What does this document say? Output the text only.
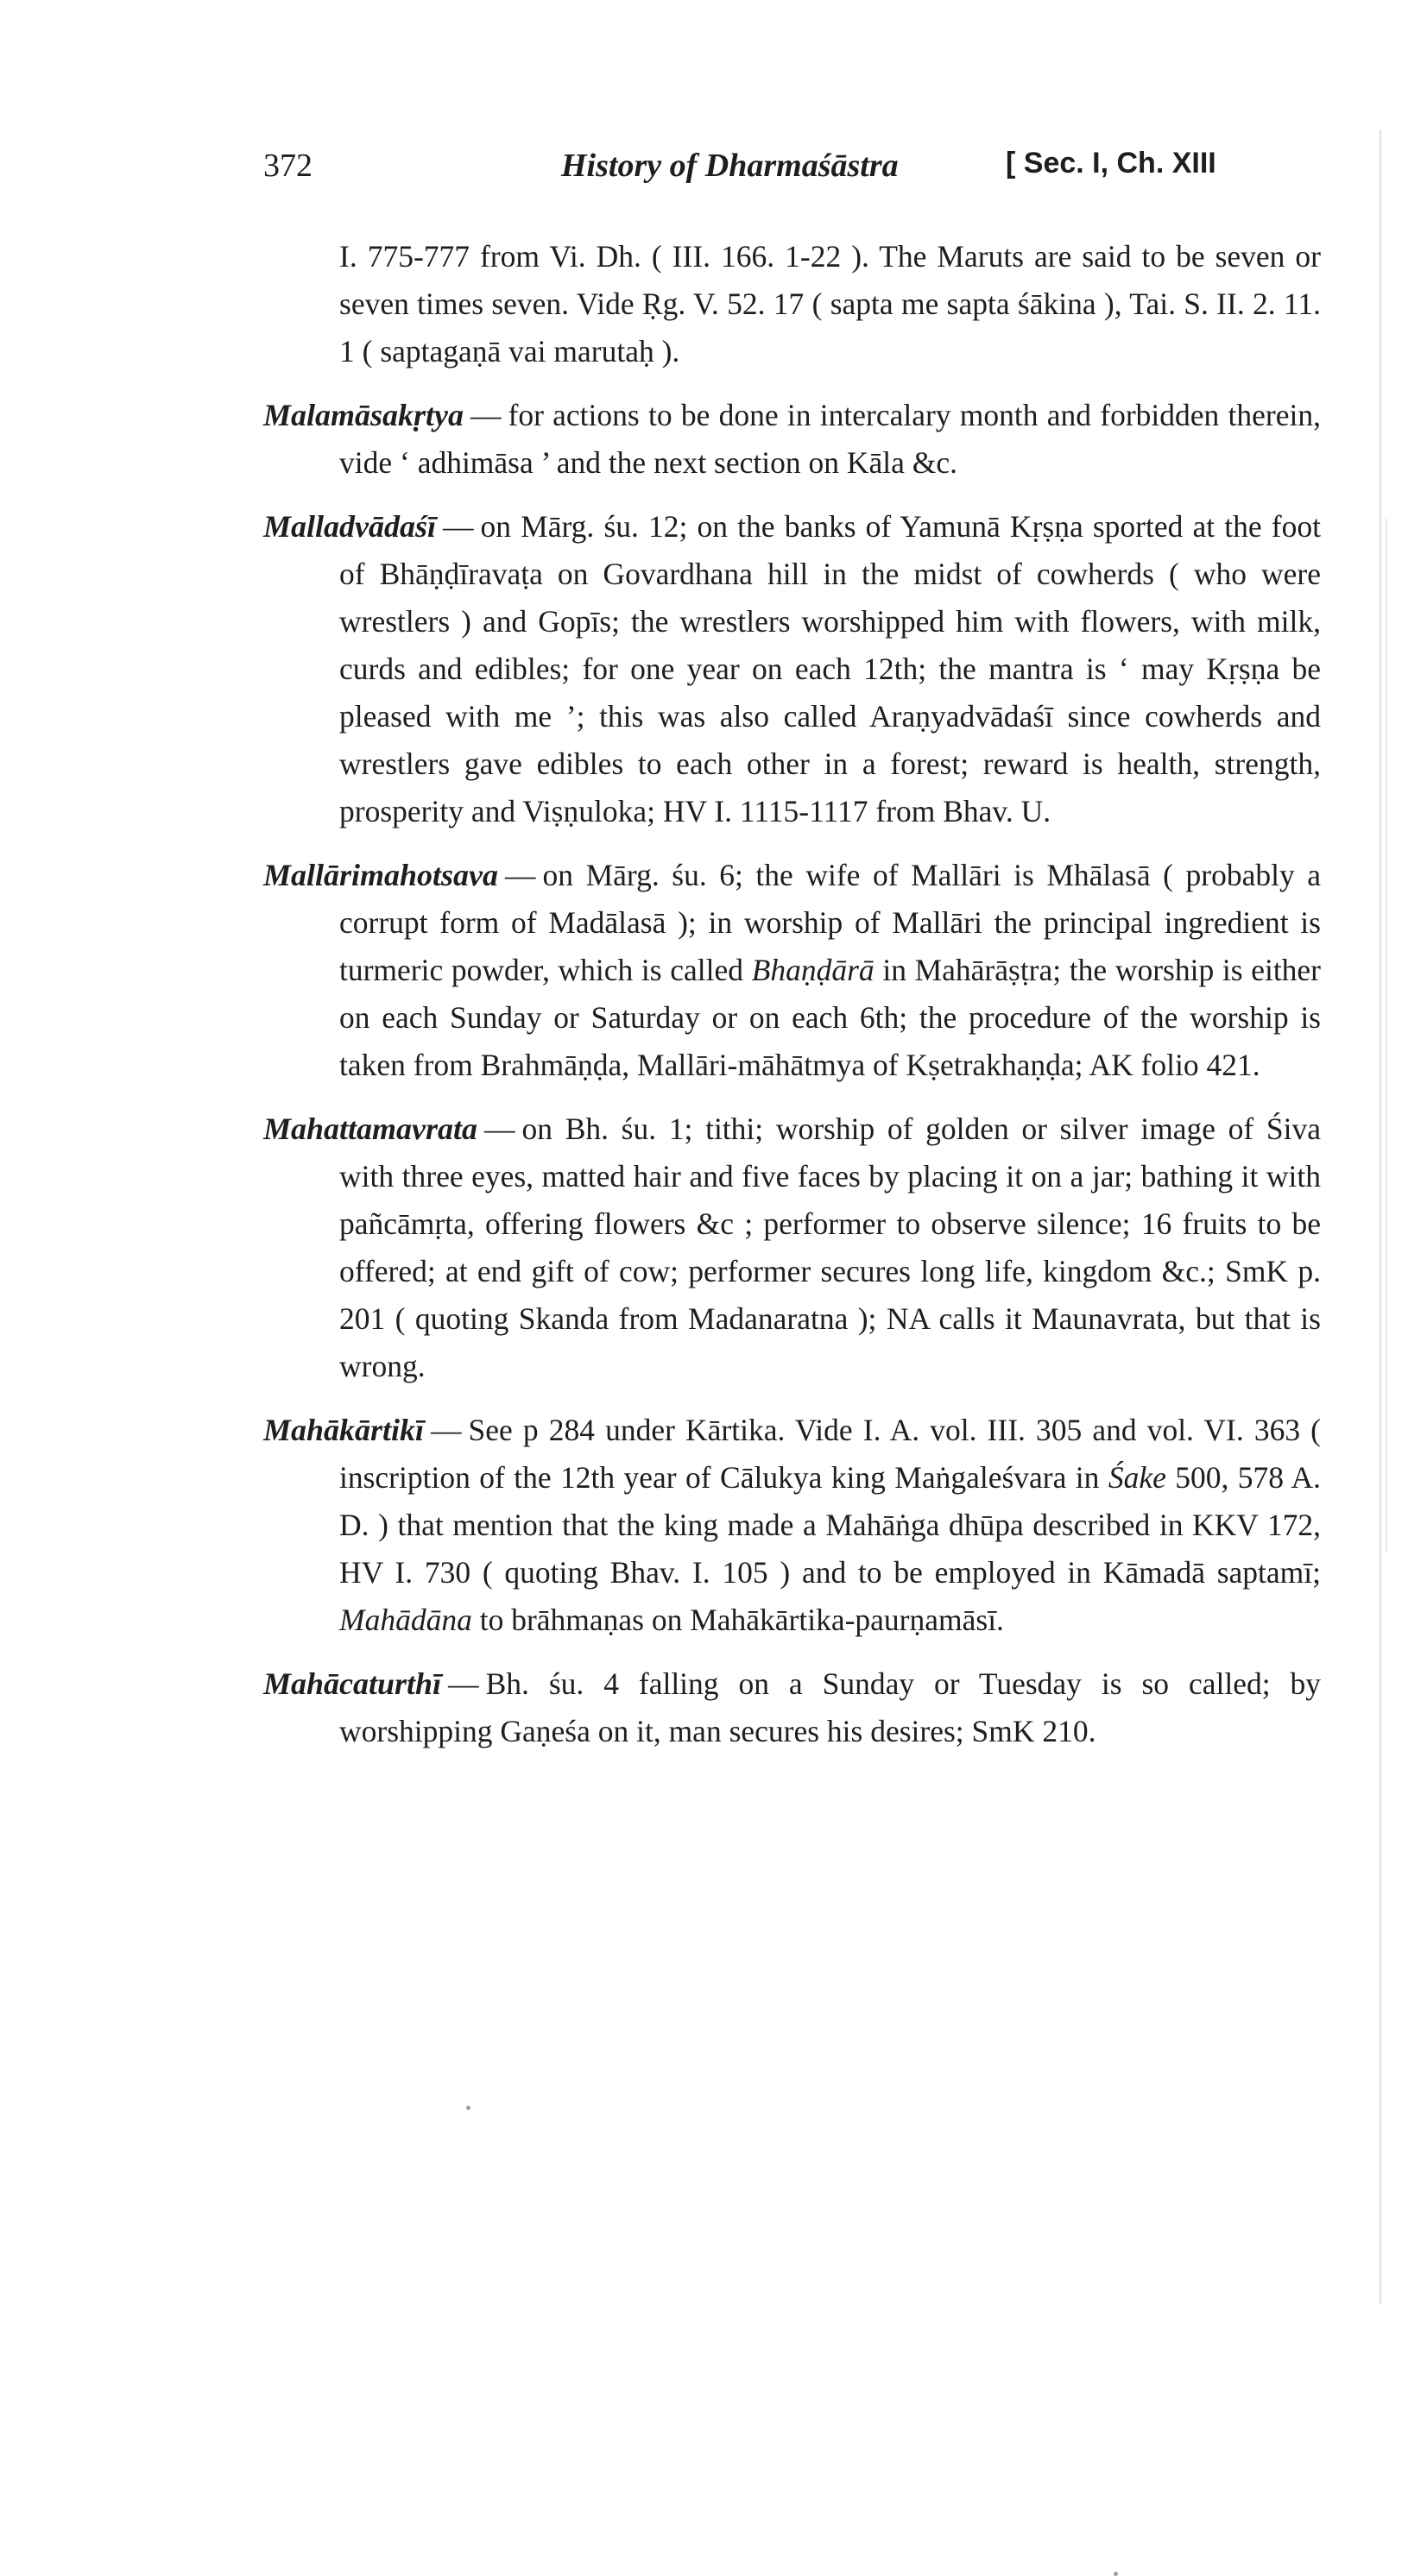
372	History of Dharmaśāstra	[ Sec. I, Ch. XIII

I. 775-777 from Vi. Dh. ( III. 166. 1-22 ). The Maruts are said to be seven or seven times seven. Vide Ṛg. V. 52. 17 ( sapta me sapta śākina ), Tai. S. II. 2. 11. 1 ( saptagaṇā vai marutaḥ ).

Malamāsakṛtya — for actions to be done in intercalary month and forbidden therein, vide ‘ adhimāsa ’ and the next section on Kāla &c.

Malladvādaśī — on Mārg. śu. 12; on the banks of Yamunā Kṛṣṇa sported at the foot of Bhāṇḍīravaṭa on Govardhana hill in the midst of cowherds ( who were wrestlers ) and Gopīs; the wrestlers worshipped him with flowers, with milk, curds and edibles; for one year on each 12th; the mantra is ‘ may Kṛṣṇa be pleased with me ’; this was also called Araṇyadvādaśī since cowherds and wrestlers gave edibles to each other in a forest; reward is health, strength, prosperity and Viṣṇuloka; HV I. 1115-1117 from Bhav. U.

Mallārimahotsava — on Mārg. śu. 6; the wife of Mallāri is Mhālasā ( probably a corrupt form of Madālasā ); in worship of Mallāri the principal ingredient is turmeric powder, which is called Bhaṇḍārā in Mahārāṣṭra; the worship is either on each Sunday or Saturday or on each 6th; the procedure of the worship is taken from Brahmāṇḍa, Mallāri-māhātmya of Kṣetrakhaṇḍa; AK folio 421.

Mahattamavrata — on Bh. śu. 1; tithi; worship of golden or silver image of Śiva with three eyes, matted hair and five faces by placing it on a jar; bathing it with pañcāmṛta, offering flowers &c ; performer to observe silence; 16 fruits to be offered; at end gift of cow; performer secures long life, kingdom &c.; SmK p. 201 ( quoting Skanda from Madanaratna ); NA calls it Maunavrata, but that is wrong.

Mahākārtikī — See p 284 under Kārtika. Vide I. A. vol. III. 305 and vol. VI. 363 ( inscription of the 12th year of Cālukya king Maṅgaleśvara in Śake 500, 578 A. D. ) that mention that the king made a Mahāṅga dhūpa described in KKV 172, HV I. 730 ( quoting Bhav. I. 105 ) and to be employed in Kāmadā saptamī; Mahādāna to brāhmaṇas on Mahākārtika-paurṇamāsī.

Mahācaturthī — Bh. śu. 4 falling on a Sunday or Tuesday is so called; by worshipping Gaṇeśa on it, man secures his desires; SmK 210.
